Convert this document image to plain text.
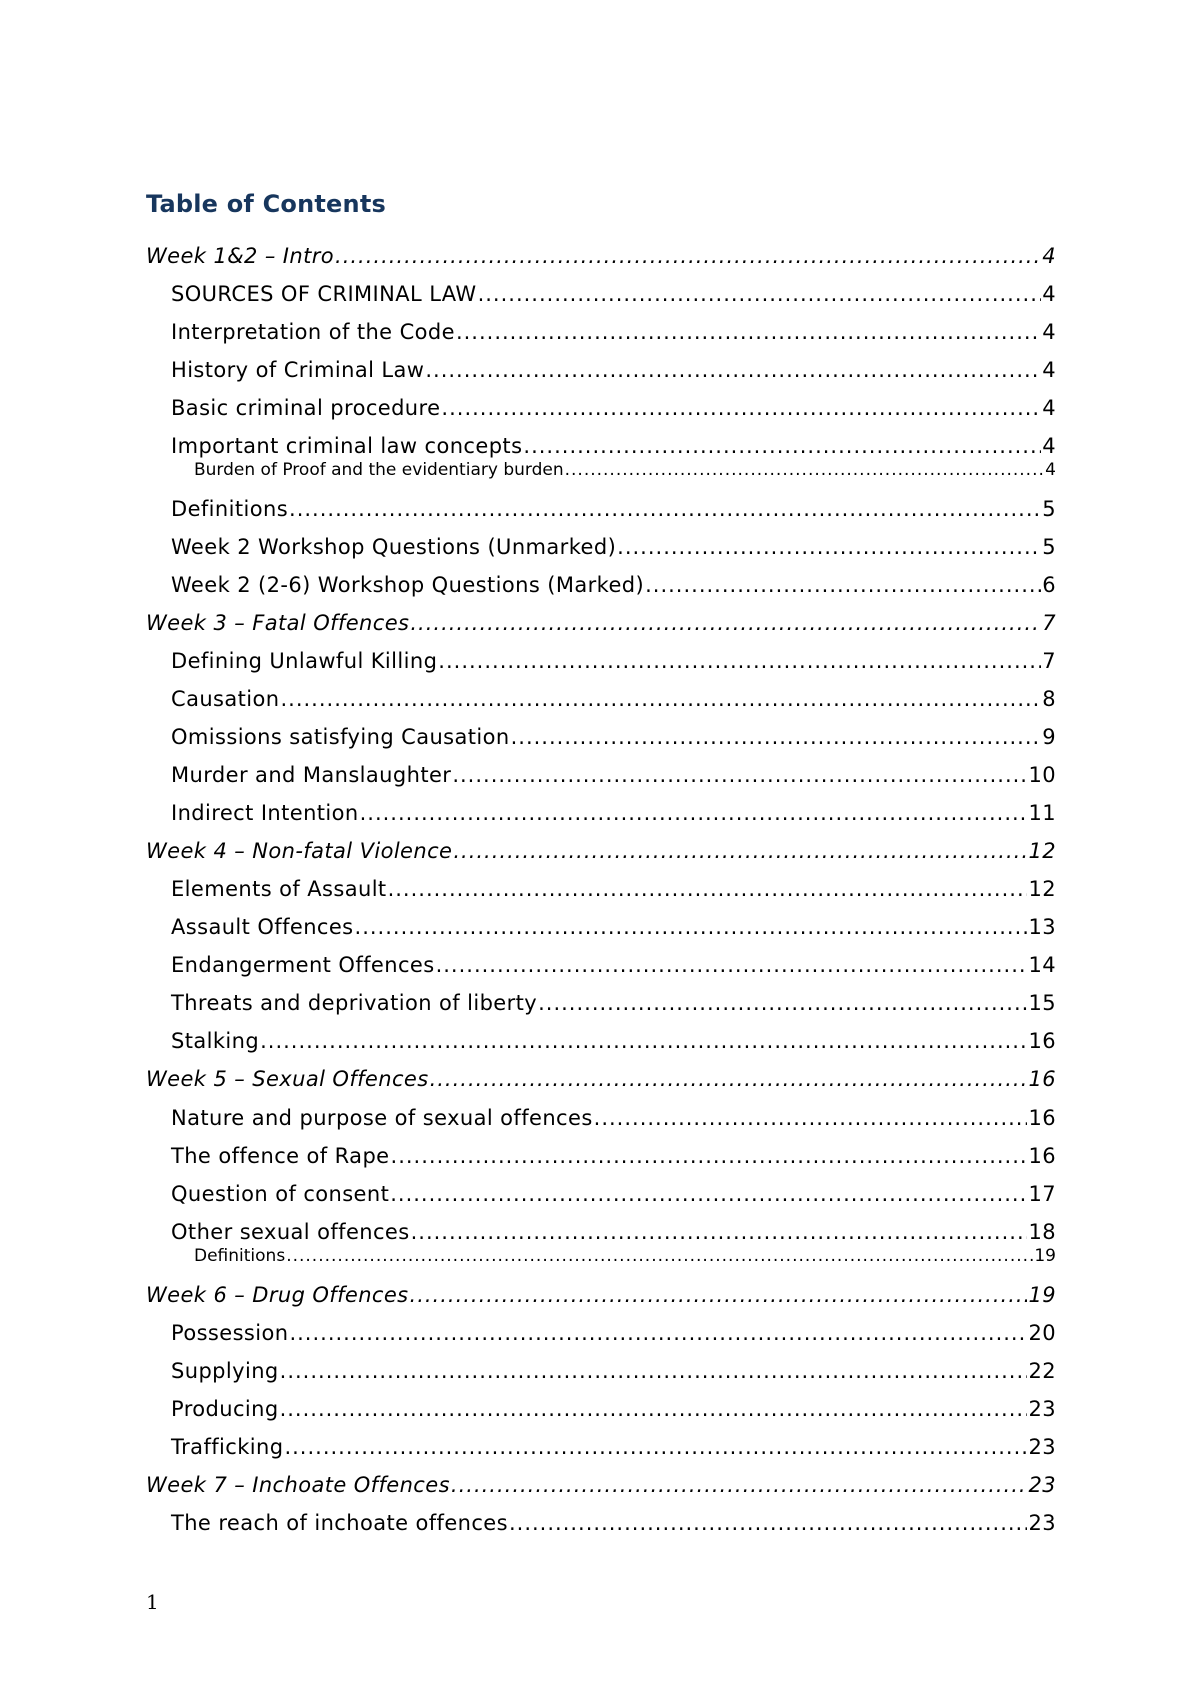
Table of Contents
Week 1&2 – Intro .....	4
SOURCES OF CRIMINAL LAW .....	4
Interpretation of the Code .....	4
History of Criminal Law .....	4
Basic criminal procedure .....	4
Important criminal law concepts .....	4
Burden of Proof and the evidentiary burden .....	4
Definitions .....	5
Week 2 Workshop Questions (Unmarked) .....	5
Week 2 (2-6) Workshop Questions (Marked) .....	6
Week 3 – Fatal Offences .....	7
Defining Unlawful Killing .....	7
Causation .....	8
Omissions satisfying Causation .....	9
Murder and Manslaughter .....	10
Indirect Intention .....	11
Week 4 – Non-fatal Violence .....	12
Elements of Assault .....	12
Assault Offences .....	13
Endangerment Offences .....	14
Threats and deprivation of liberty .....	15
Stalking .....	16
Week 5 – Sexual Offences .....	16
Nature and purpose of sexual offences .....	16
The offence of Rape .....	16
Question of consent .....	17
Other sexual offences .....	18
Definitions .....	19
Week 6 – Drug Offences .....	19
Possession .....	20
Supplying .....	22
Producing .....	23
Trafficking .....	23
Week 7 – Inchoate Offences .....	23
The reach of inchoate offences .....	23
1
